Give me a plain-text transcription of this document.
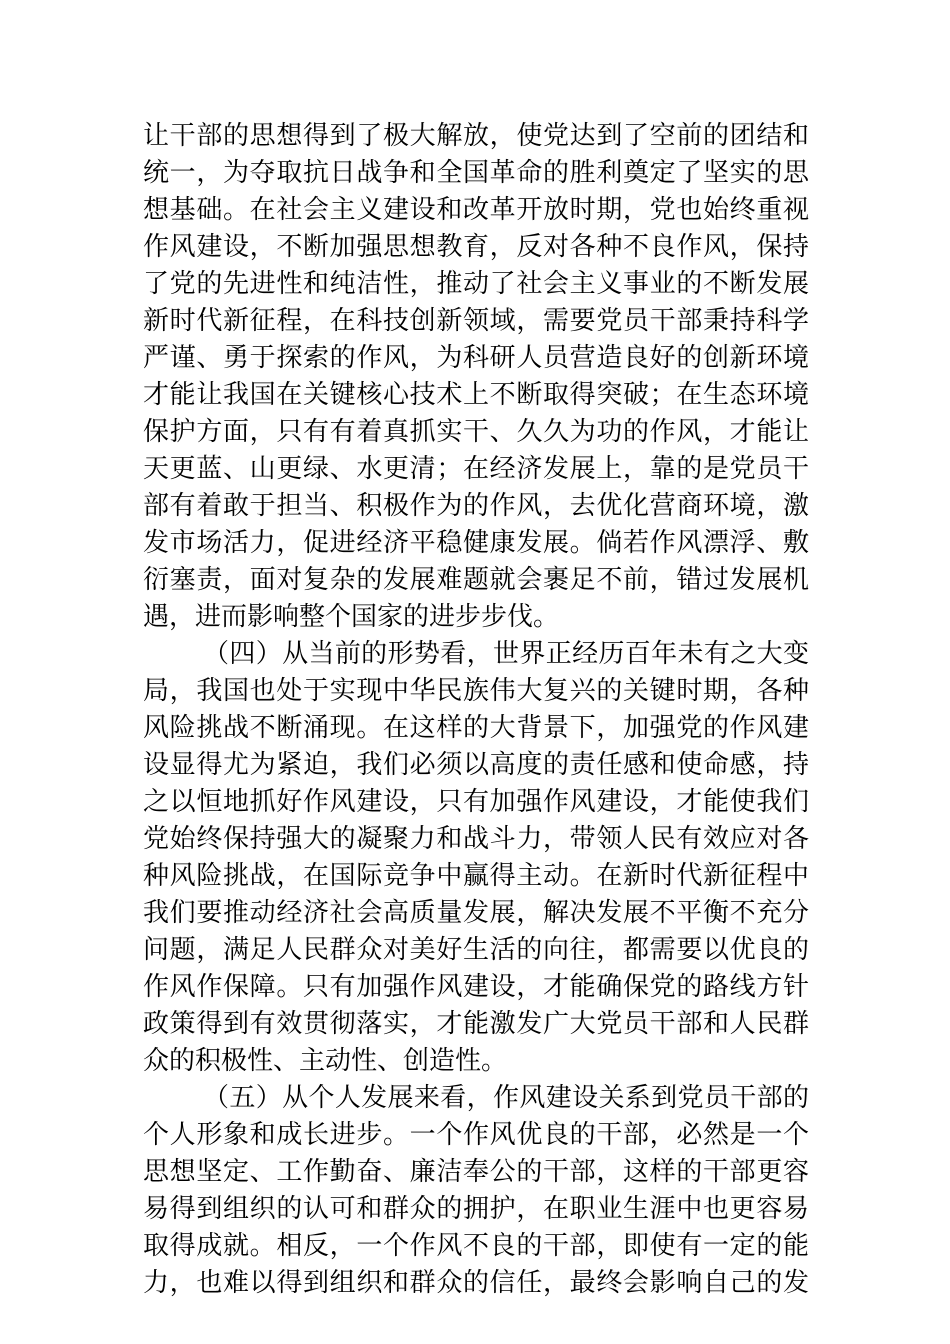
让干部的思想得到了极大解放，使党达到了空前的团结和
统一，为夺取抗日战争和全国革命的胜利奠定了坚实的思
想基础。在社会主义建设和改革开放时期，党也始终重视
作风建设，不断加强思想教育，反对各种不良作风，保持
了党的先进性和纯洁性，推动了社会主义事业的不断发展
新时代新征程，在科技创新领域，需要党员干部秉持科学
严谨、勇于探索的作风，为科研人员营造良好的创新环境
才能让我国在关键核心技术上不断取得突破；在生态环境
保护方面，只有有着真抓实干、久久为功的作风，才能让
天更蓝、山更绿、水更清；在经济发展上，靠的是党员干
部有着敢于担当、积极作为的作风，去优化营商环境，激
发市场活力，促进经济平稳健康发展。倘若作风漂浮、敷
衍塞责，面对复杂的发展难题就会裹足不前，错过发展机
遇，进而影响整个国家的进步步伐。
（四）从当前的形势看，世界正经历百年未有之大变
局，我国也处于实现中华民族伟大复兴的关键时期，各种
风险挑战不断涌现。在这样的大背景下，加强党的作风建
设显得尤为紧迫，我们必须以高度的责任感和使命感，持
之以恒地抓好作风建设，只有加强作风建设，才能使我们
党始终保持强大的凝聚力和战斗力，带领人民有效应对各
种风险挑战，在国际竞争中赢得主动。在新时代新征程中
我们要推动经济社会高质量发展，解决发展不平衡不充分
问题，满足人民群众对美好生活的向往，都需要以优良的
作风作保障。只有加强作风建设，才能确保党的路线方针
政策得到有效贯彻落实，才能激发广大党员干部和人民群
众的积极性、主动性、创造性。
（五）从个人发展来看，作风建设关系到党员干部的
个人形象和成长进步。一个作风优良的干部，必然是一个
思想坚定、工作勤奋、廉洁奉公的干部，这样的干部更容
易得到组织的认可和群众的拥护，在职业生涯中也更容易
取得成就。相反，一个作风不良的干部，即使有一定的能
力，也难以得到组织和群众的信任，最终会影响自己的发
